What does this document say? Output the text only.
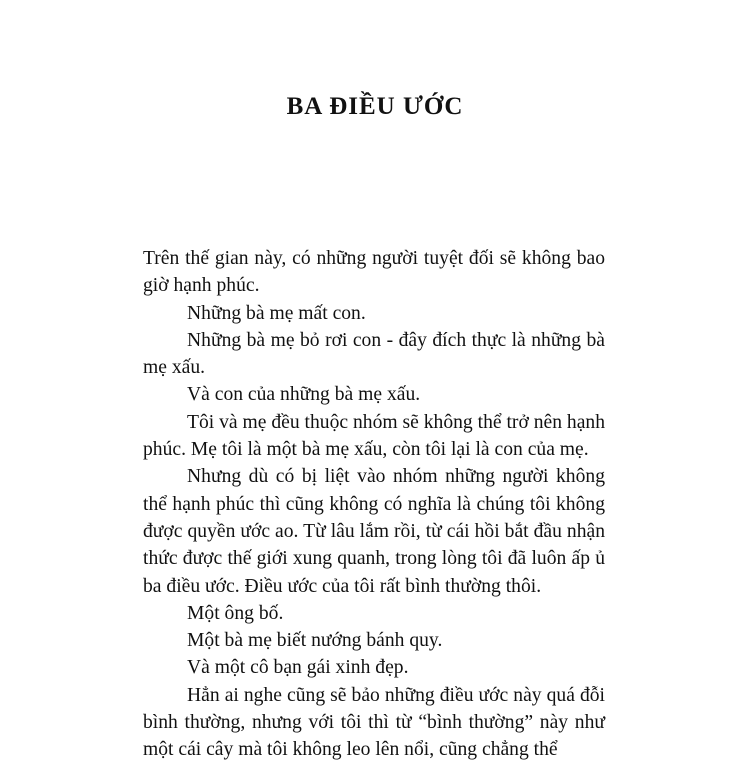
BA ĐIỀU ƯỚC

Trên thế gian này, có những người tuyệt đối sẽ không bao giờ hạnh phúc.

Những bà mẹ mất con.

Những bà mẹ bỏ rơi con - đây đích thực là những bà mẹ xấu.

Và con của những bà mẹ xấu.

Tôi và mẹ đều thuộc nhóm sẽ không thể trở nên hạnh phúc. Mẹ tôi là một bà mẹ xấu, còn tôi lại là con của mẹ.

Nhưng dù có bị liệt vào nhóm những người không thể hạnh phúc thì cũng không có nghĩa là chúng tôi không được quyền ước ao. Từ lâu lắm rồi, từ cái hồi bắt đầu nhận thức được thế giới xung quanh, trong lòng tôi đã luôn ấp ủ ba điều ước. Điều ước của tôi rất bình thường thôi.

Một ông bố.

Một bà mẹ biết nướng bánh quy.

Và một cô bạn gái xinh đẹp.

Hẳn ai nghe cũng sẽ bảo những điều ước này quá đỗi bình thường, nhưng với tôi thì từ “bình thường” này như một cái cây mà tôi không leo lên nổi, cũng chẳng thể
